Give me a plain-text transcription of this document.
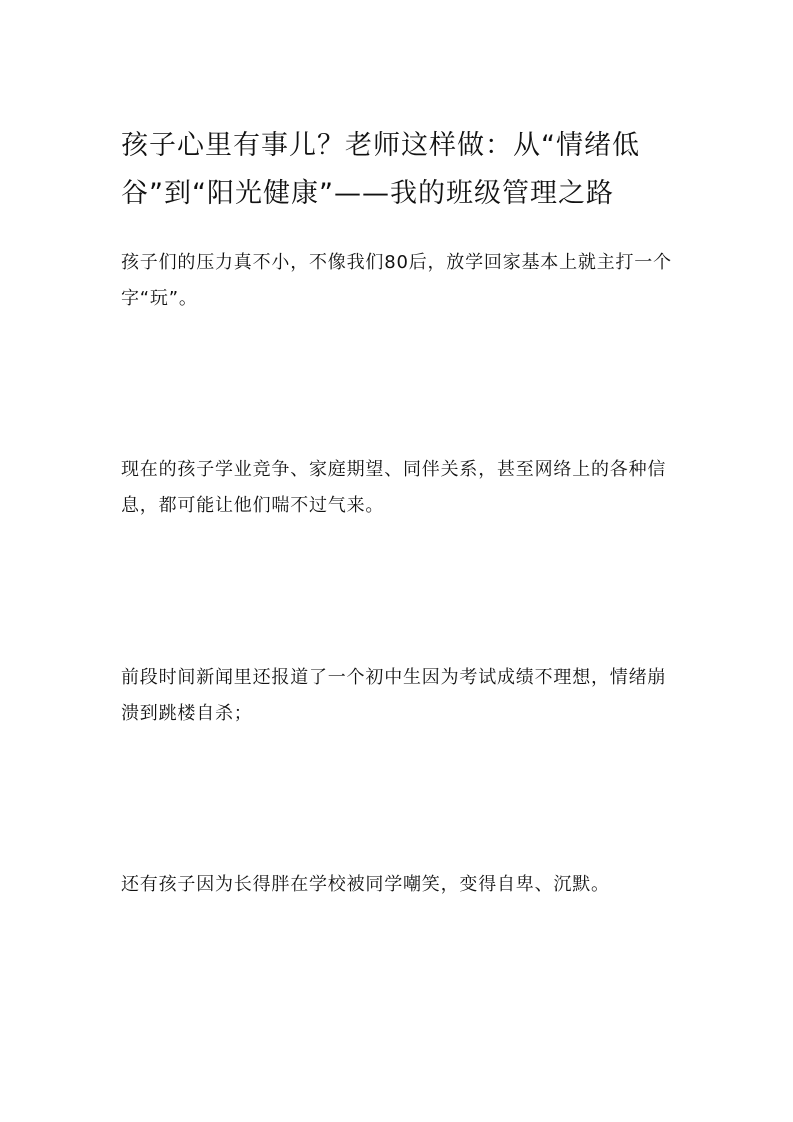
孩子心里有事儿？老师这样做：从“情绪低谷”到“阳光健康”——我的班级管理之路

孩子们的压力真不小，不像我们80后，放学回家基本上就主打一个字“玩”。

现在的孩子学业竞争、家庭期望、同伴关系，甚至网络上的各种信息，都可能让他们喘不过气来。

前段时间新闻里还报道了一个初中生因为考试成绩不理想，情绪崩溃到跳楼自杀；

还有孩子因为长得胖在学校被同学嘲笑，变得自卑、沉默。
